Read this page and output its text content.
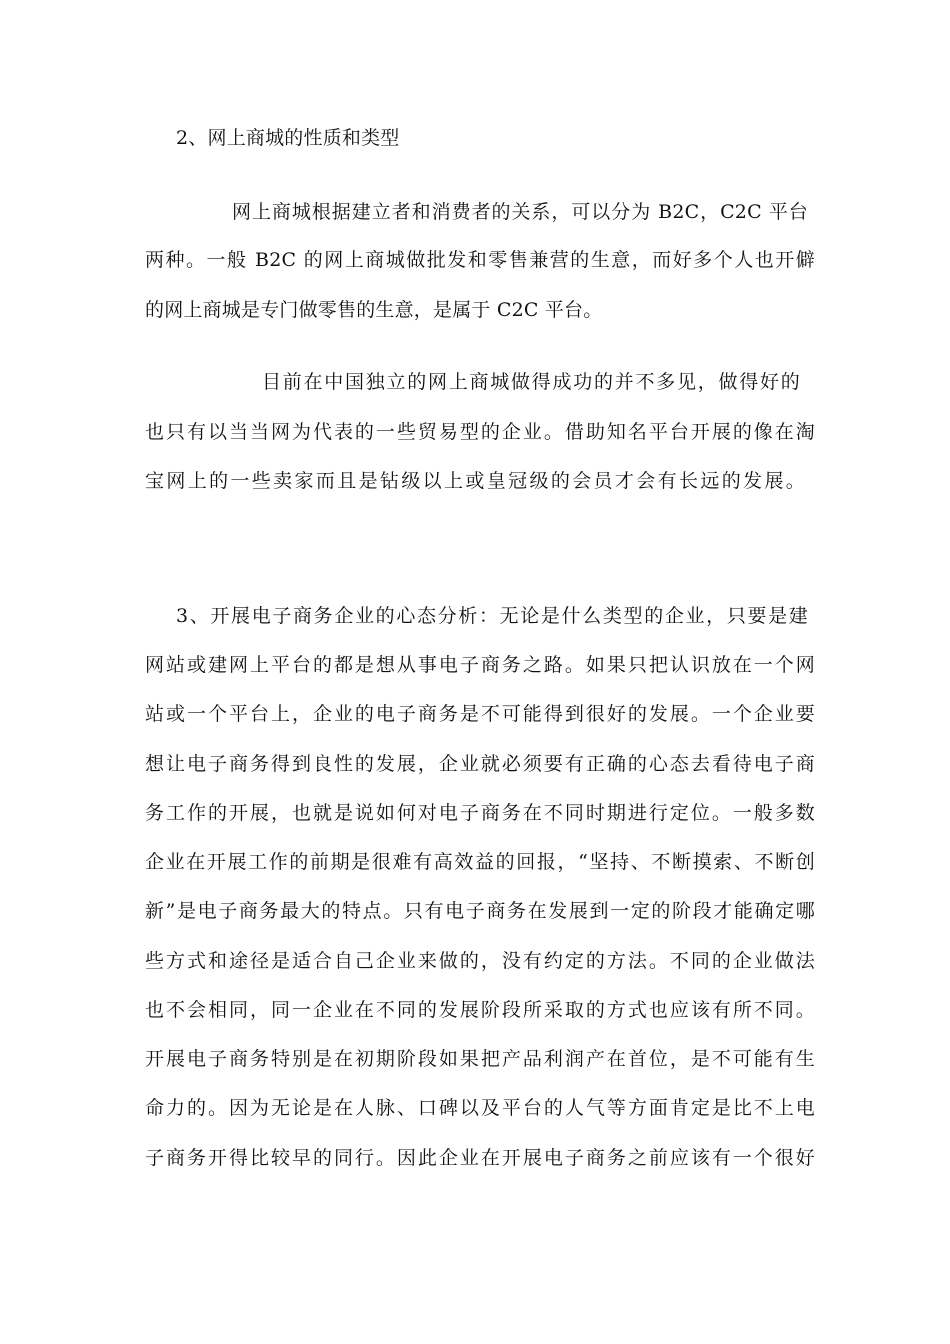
2、网上商城的性质和类型
网上商城根据建立者和消费者的关系，可以分为 B2C，C2C 平台
两种。一般 B2C 的网上商城做批发和零售兼营的生意，而好多个人也开僻
的网上商城是专门做零售的生意，是属于 C2C 平台。
目前在中国独立的网上商城做得成功的并不多见，做得好的
也只有以当当网为代表的一些贸易型的企业。借助知名平台开展的像在淘
宝网上的一些卖家而且是钻级以上或皇冠级的会员才会有长远的发展。
3、开展电子商务企业的心态分析：无论是什么类型的企业，只要是建
网站或建网上平台的都是想从事电子商务之路。如果只把认识放在一个网
站或一个平台上，企业的电子商务是不可能得到很好的发展。一个企业要
想让电子商务得到良性的发展，企业就必须要有正确的心态去看待电子商
务工作的开展，也就是说如何对电子商务在不同时期进行定位。一般多数
企业在开展工作的前期是很难有高效益的回报，“坚持、不断摸索、不断创
新”是电子商务最大的特点。只有电子商务在发展到一定的阶段才能确定哪
些方式和途径是适合自己企业来做的，没有约定的方法。不同的企业做法
也不会相同，同一企业在不同的发展阶段所采取的方式也应该有所不同。
开展电子商务特别是在初期阶段如果把产品利润产在首位，是不可能有生
命力的。因为无论是在人脉、口碑以及平台的人气等方面肯定是比不上电
子商务开得比较早的同行。因此企业在开展电子商务之前应该有一个很好
